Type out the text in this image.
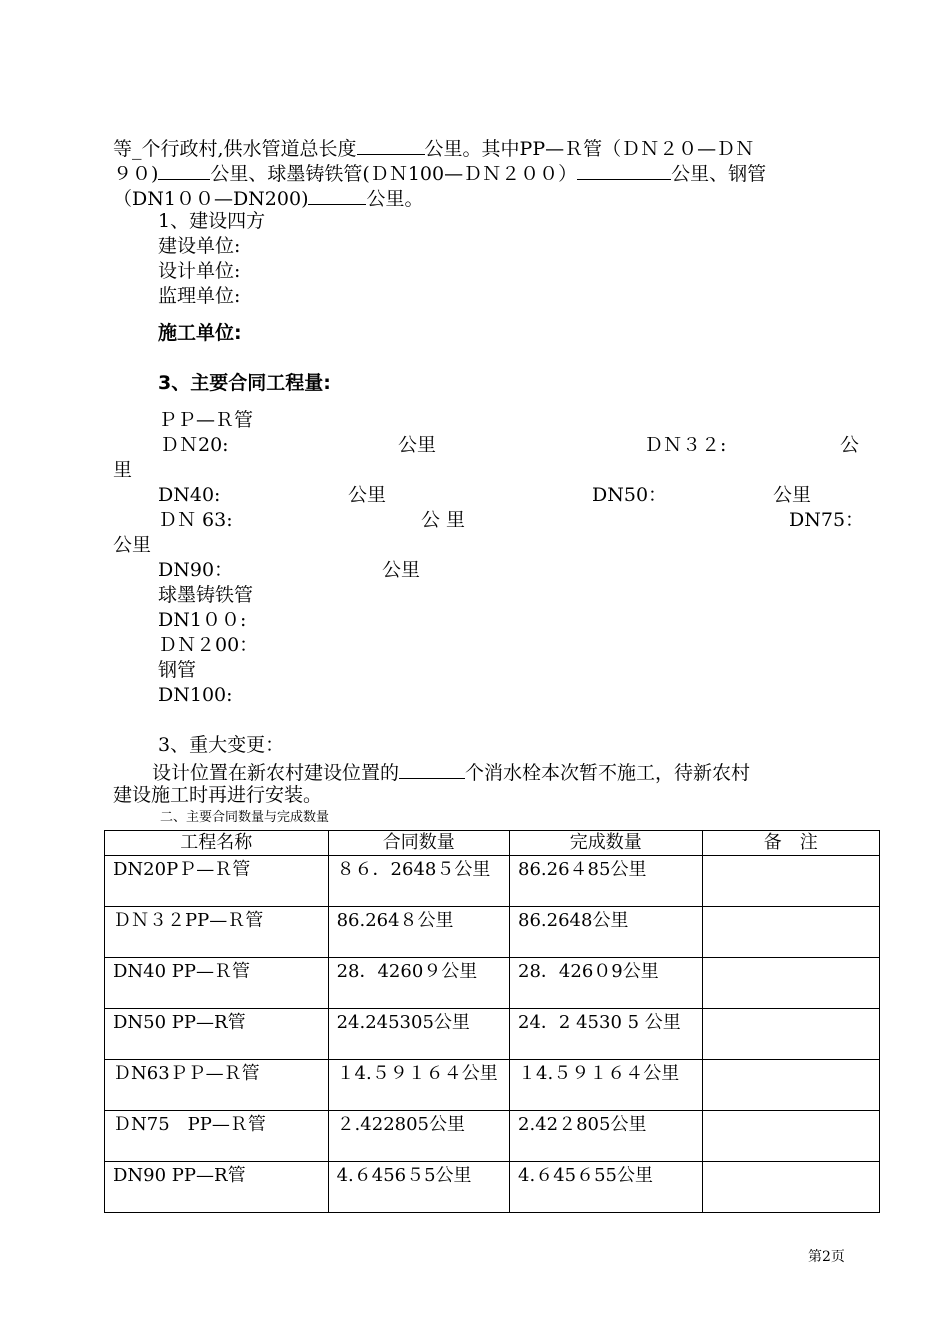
等_个行政村,供水管道总长度	公里。其中PP—Ｒ管（ＤＮ２０—ＤＮ
９０)	公里、球墨铸铁管(ＤＮ100—ＤＮ２００）	公里、钢管
（DN1００—DN200)	公里。
1、建设四方
建设单位:
设计单位:
监理单位:
施工单位:
3、主要合同工程量:
ＰＰ—Ｒ管
ＤＮ20:	公里	ＤＮ３２:	公
里
DN40:	公里	DN50：	公里
ＤＮ 63:	公 里	DN75：
公里
DN90：	公里
球墨铸铁管
DN1００:
ＤＮ２00：
钢管
DN100:
3、重大变更：
设计位置在新农村建设位置的	个消水栓本次暂不施工，待新农村
建设施工时再进行安装。
二、主要合同数量与完成数量
工程名称	合同数量	完成数量	备　注
DN20PＰ—Ｒ管	８６．2648５公里	86.26４85公里	
ＤＮ３２PP—Ｒ管	86.264８公里	86.2648公里	
DN40 PP—Ｒ管	28．4260９公里	28．426０9公里	
DN50 PP—R管	24.245305公里	24．2 4530 5 公里	
ＤN63ＰＰ—Ｒ管	１4.５９１６４公里	１4.５９１６４公里	
ＤN75　PP—Ｒ管	２.422805公里	2.42２805公里	
DN90 PP—R管	4.６456５5公里	4.６45６55公里	
第2页
